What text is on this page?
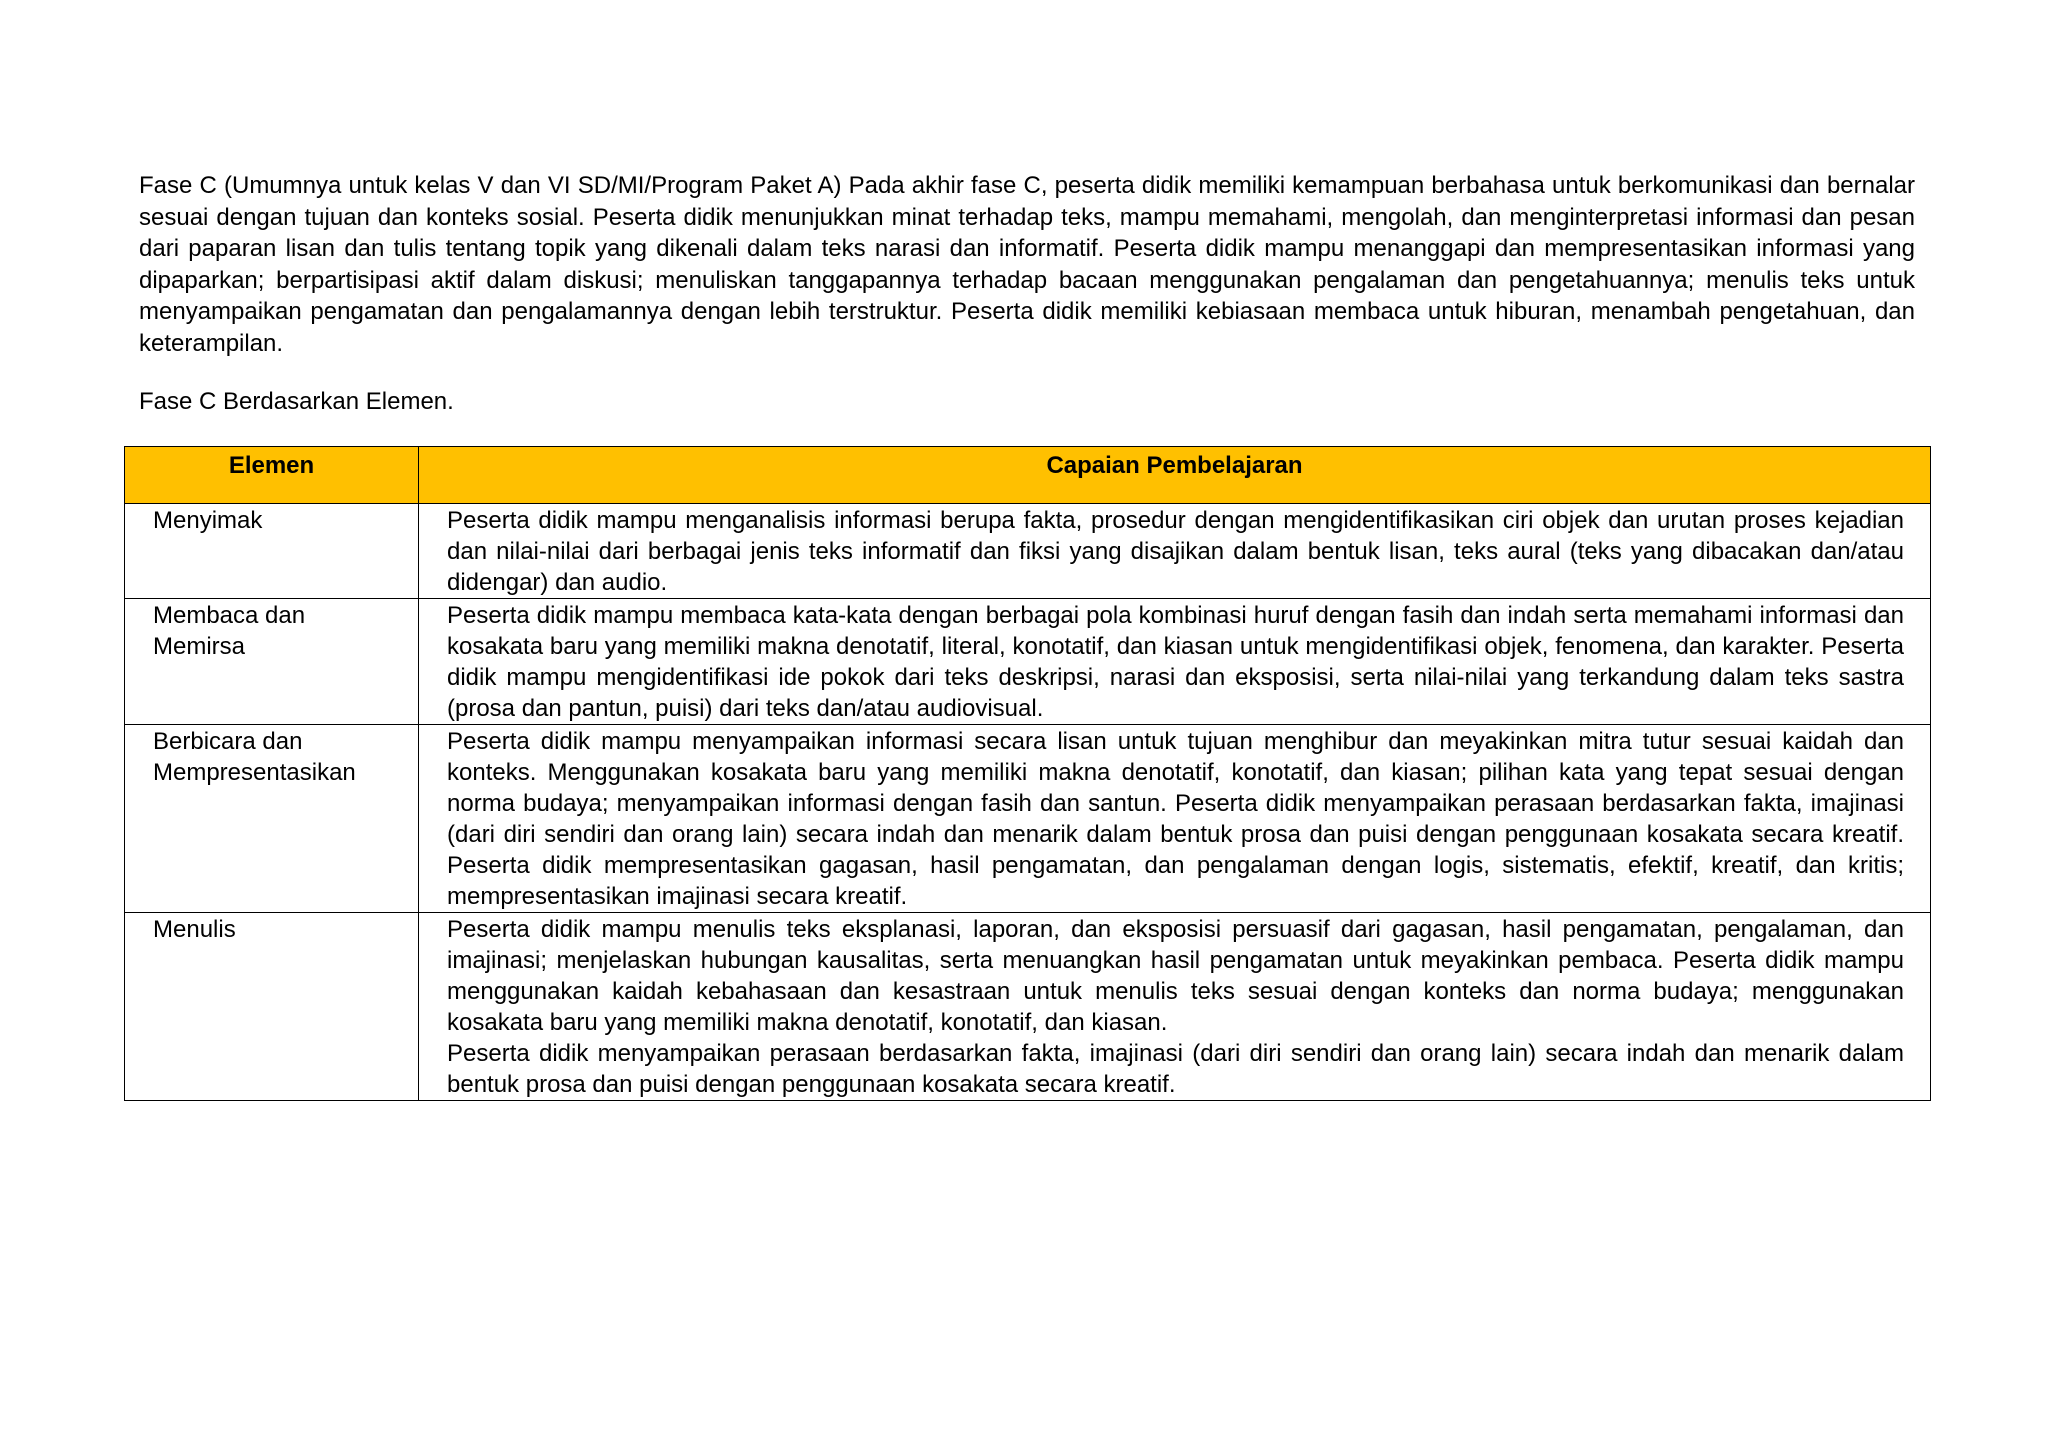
Fase C (Umumnya untuk kelas V dan VI SD/MI/Program Paket A) Pada akhir fase C, peserta didik memiliki kemampuan berbahasa untuk berkomunikasi dan bernalar sesuai dengan tujuan dan konteks sosial. Peserta didik menunjukkan minat terhadap teks, mampu memahami, mengolah, dan menginterpretasi informasi dan pesan dari paparan lisan dan tulis tentang topik yang dikenali dalam teks narasi dan informatif. Peserta didik mampu menanggapi dan mempresentasikan informasi yang dipaparkan; berpartisipasi aktif dalam diskusi; menuliskan tanggapannya terhadap bacaan menggunakan pengalaman dan pengetahuannya; menulis teks untuk menyampaikan pengamatan dan pengalamannya dengan lebih terstruktur. Peserta didik memiliki kebiasaan membaca untuk hiburan, menambah pengetahuan, dan keterampilan.

Fase C Berdasarkan Elemen.

Elemen	Capaian Pembelajaran
Menyimak	Peserta didik mampu menganalisis informasi berupa fakta, prosedur dengan mengidentifikasikan ciri objek dan urutan proses kejadian dan nilai-nilai dari berbagai jenis teks informatif dan fiksi yang disajikan dalam bentuk lisan, teks aural (teks yang dibacakan dan/atau didengar) dan audio.

Membaca dan
Memirsa	Peserta didik mampu membaca kata-kata dengan berbagai pola kombinasi huruf dengan fasih dan indah serta memahami informasi dan kosakata baru yang memiliki makna denotatif, literal, konotatif, dan kiasan untuk mengidentifikasi objek, fenomena, dan karakter. Peserta didik mampu mengidentifikasi ide pokok dari teks deskripsi, narasi dan eksposisi, serta nilai-nilai yang terkandung dalam teks sastra (prosa dan pantun, puisi) dari teks dan/atau audiovisual.

Berbicara dan
Mempresentasikan	Peserta didik mampu menyampaikan informasi secara lisan untuk tujuan menghibur dan meyakinkan mitra tutur sesuai kaidah dan konteks. Menggunakan kosakata baru yang memiliki makna denotatif, konotatif, dan kiasan; pilihan kata yang tepat sesuai dengan norma budaya; menyampaikan informasi dengan fasih dan santun. Peserta didik menyampaikan perasaan berdasarkan fakta, imajinasi (dari diri sendiri dan orang lain) secara indah dan menarik dalam bentuk prosa dan puisi dengan penggunaan kosakata secara kreatif. Peserta didik mempresentasikan gagasan, hasil pengamatan, dan pengalaman dengan logis, sistematis, efektif, kreatif, dan kritis; mempresentasikan imajinasi secara kreatif.

Menulis	Peserta didik mampu menulis teks eksplanasi, laporan, dan eksposisi persuasif dari gagasan, hasil pengamatan, pengalaman, dan imajinasi; menjelaskan hubungan kausalitas, serta menuangkan hasil pengamatan untuk meyakinkan pembaca. Peserta didik mampu menggunakan kaidah kebahasaan dan kesastraan untuk menulis teks sesuai dengan konteks dan norma budaya; menggunakan kosakata baru yang memiliki makna denotatif, konotatif, dan kiasan.
Peserta didik menyampaikan perasaan berdasarkan fakta, imajinasi (dari diri sendiri dan orang lain) secara indah dan menarik dalam bentuk prosa dan puisi dengan penggunaan kosakata secara kreatif.
